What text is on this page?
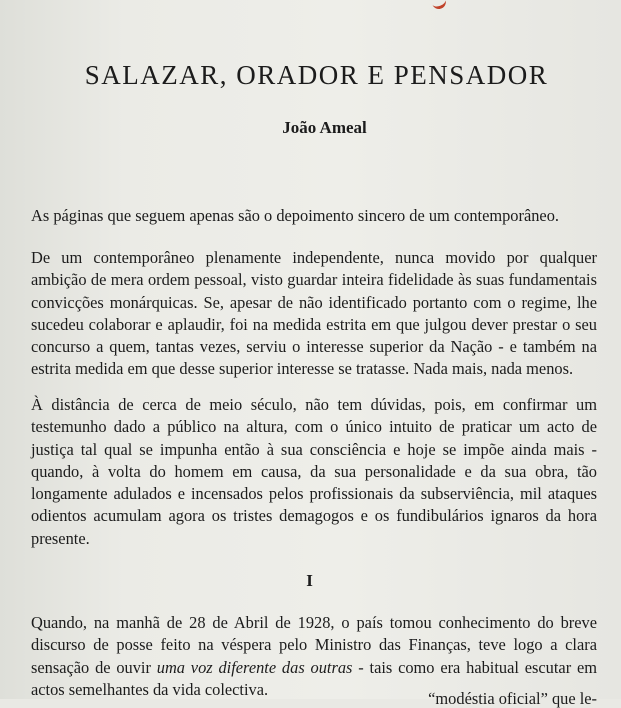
SALAZAR, ORADOR E PENSADOR
João Ameal

As páginas que seguem apenas são o depoimento sincero de um contemporâneo.

De um contemporâneo plenamente independente, nunca movido por qualquer ambição de mera ordem pessoal, visto guardar inteira fidelidade às suas fundamentais convicções monárquicas. Se, apesar de não identificado portanto com o regime, lhe sucedeu colaborar e aplaudir, foi na medida estrita em que julgou dever prestar o seu concurso a quem, tantas vezes, serviu o interesse superior da Nação - e também na estrita medida em que desse superior interesse se tratasse. Nada mais, nada menos.

À distância de cerca de meio século, não tem dúvidas, pois, em confirmar um testemunho dado a público na altura, com o único intuito de praticar um acto de justiça tal qual se impunha então à sua consciência e hoje se impõe ainda mais - quando, à volta do homem em causa, da sua personalidade e da sua obra, tão longamente adulados e incensados pelos profissionais da subserviência, mil ataques odientos acumulam agora os tristes demagogos e os fundibulários ignaros da hora presente.

I

Quando, na manhã de 28 de Abril de 1928, o país tomou conhecimento do breve discurso de posse feito na véspera pelo Ministro das Finanças, teve logo a clara sensação de ouvir uma voz diferente das outras - tais como era habitual escutar em actos semelhantes da vida colectiva.	“modéstia oficial” que le-
